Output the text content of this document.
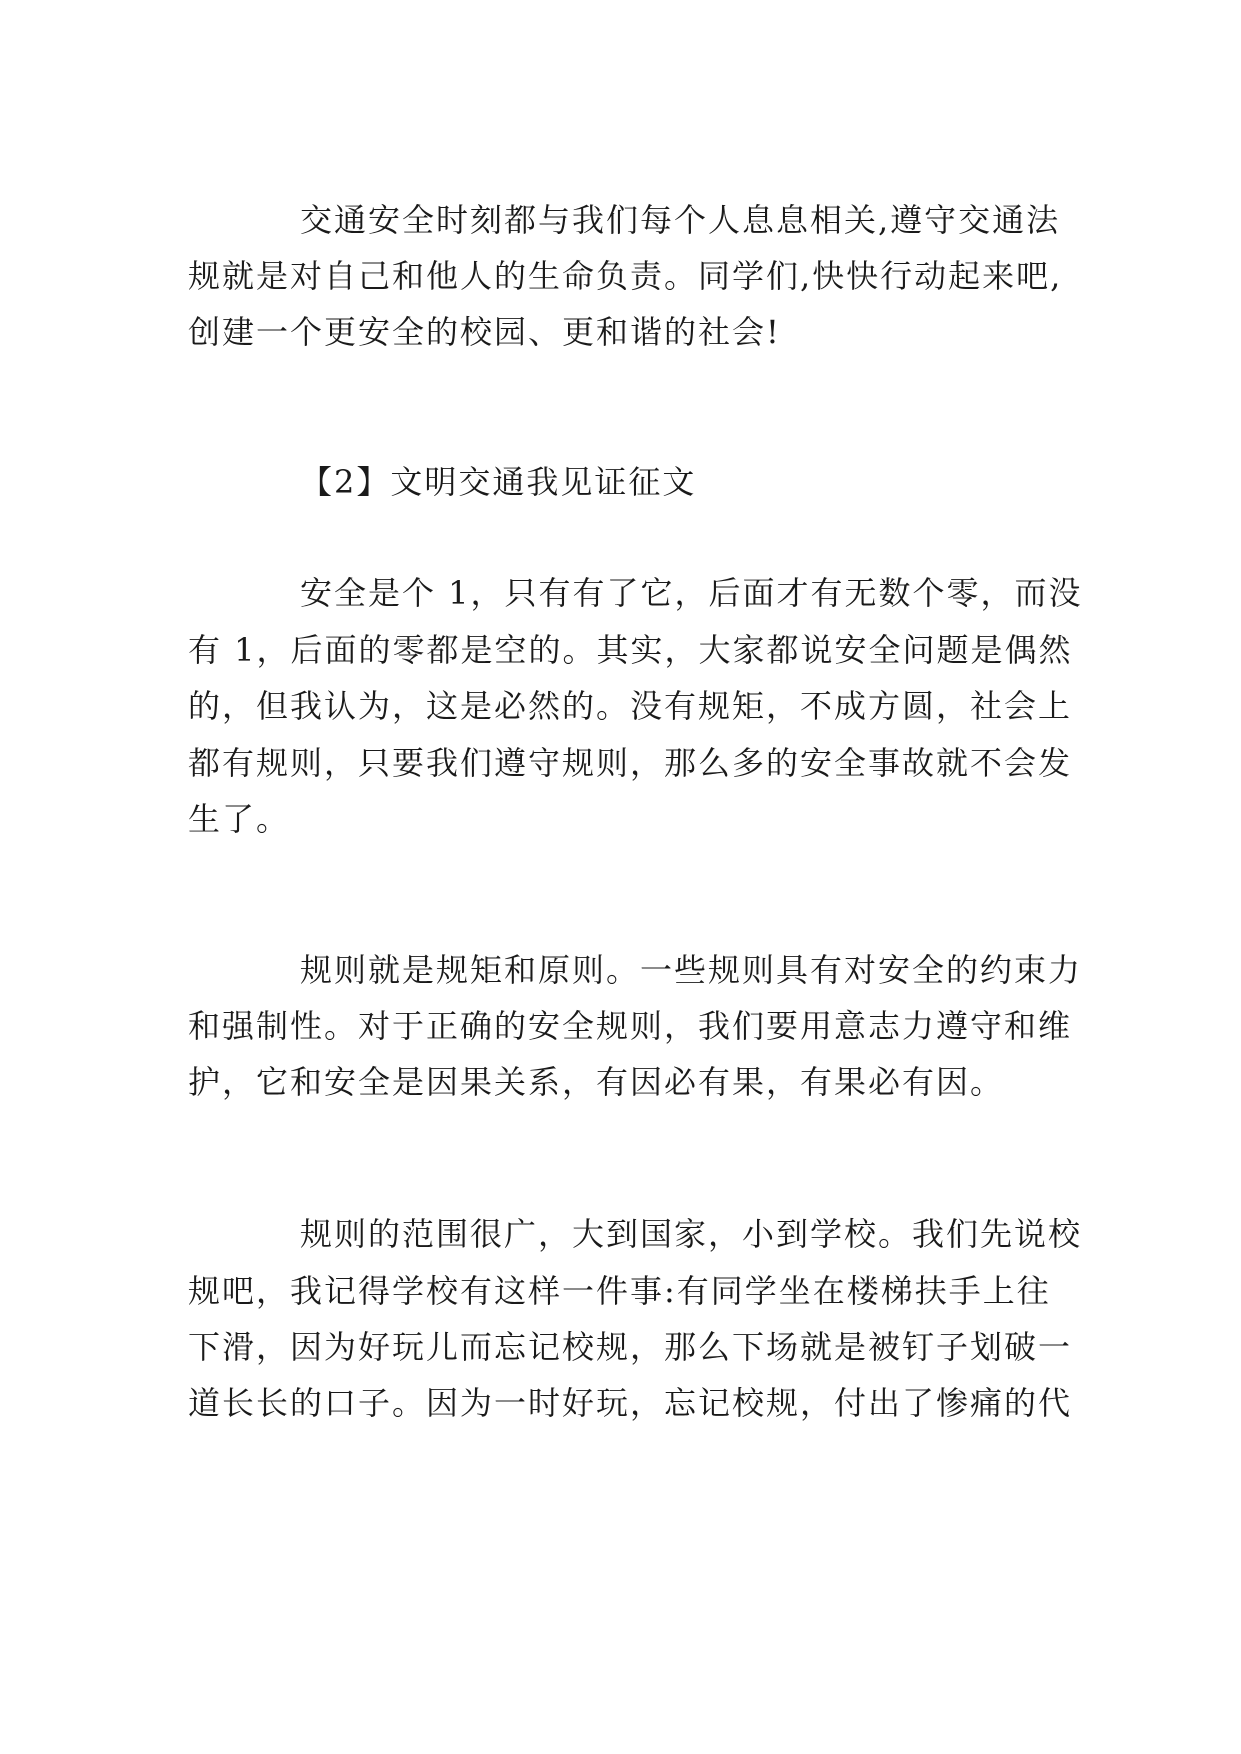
交通安全时刻都与我们每个人息息相关,遵守交通法
规就是对自己和他人的生命负责。同学们,快快行动起来吧,
创建一个更安全的校园、更和谐的社会!
【2】文明交通我见证征文
安全是个 1，只有有了它，后面才有无数个零，而没
有 1，后面的零都是空的。其实，大家都说安全问题是偶然
的，但我认为，这是必然的。没有规矩，不成方圆，社会上
都有规则，只要我们遵守规则，那么多的安全事故就不会发
生了。
规则就是规矩和原则。一些规则具有对安全的约束力
和强制性。对于正确的安全规则，我们要用意志力遵守和维
护，它和安全是因果关系，有因必有果，有果必有因。
规则的范围很广，大到国家，小到学校。我们先说校
规吧，我记得学校有这样一件事:有同学坐在楼梯扶手上往
下滑，因为好玩儿而忘记校规，那么下场就是被钉子划破一
道长长的口子。因为一时好玩，忘记校规，付出了惨痛的代
